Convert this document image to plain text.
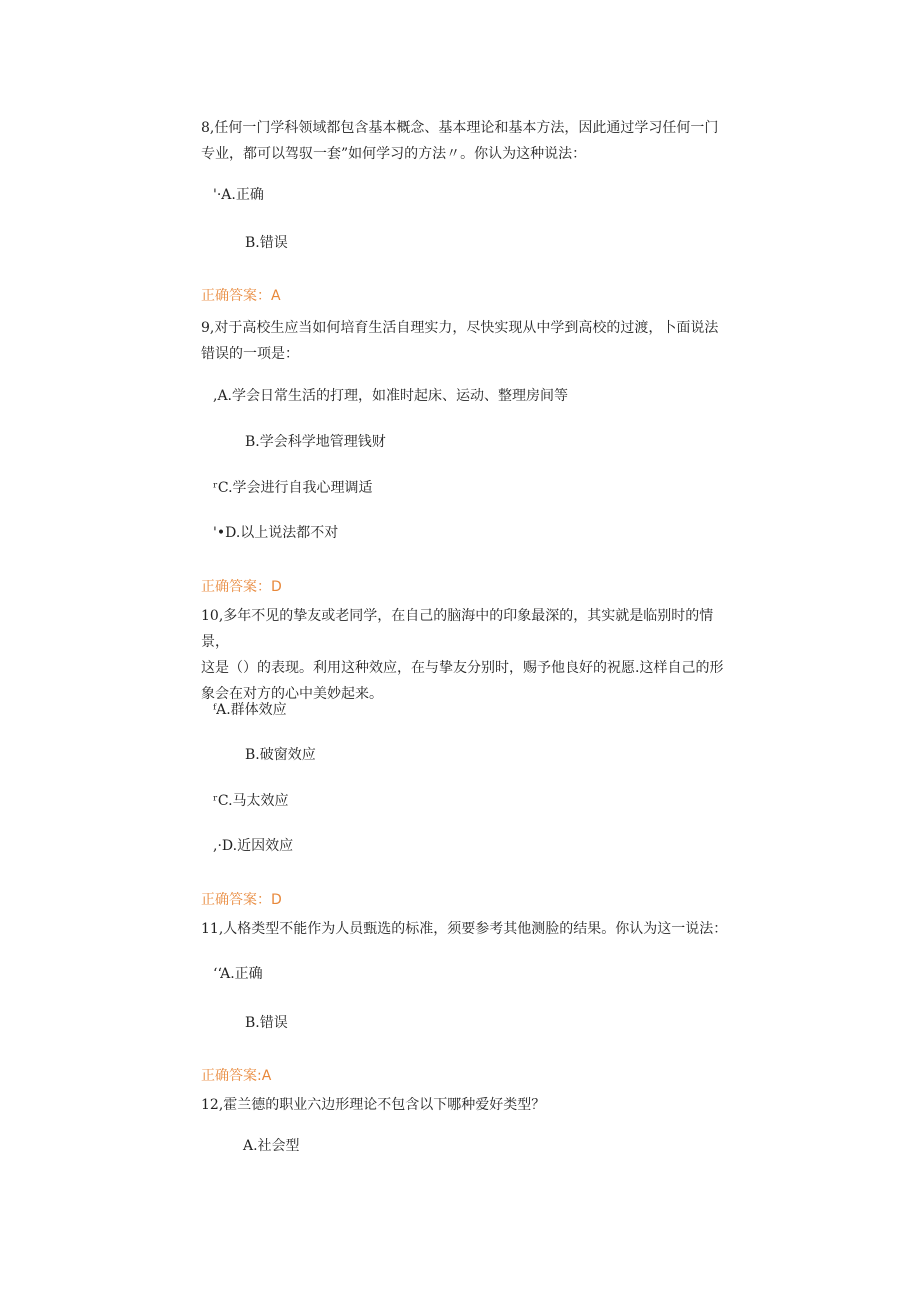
8,任何一门学科领域都包含基本概念、基本理论和基本方法，因此通过学习任何一门
专业，都可以驾驭一套”如何学习的方法〃。你认为这种说法：
'·A.正确
B.错误
正确答案：A
9,对于高校生应当如何培育生活自理实力，尽快实现从中学到高校的过渡，卜面说法
错误的一项是：
,A.学会日常生活的打理，如准时起床、运动、整理房间等
B.学会科学地管理钱财
ʳC.学会进行自我心理调适
'•D.以上说法都不对
正确答案：D
10,多年不见的挚友或老同学，在自己的脑海中的印象最深的，其实就是临别时的情景，
这是（）的表现。利用这种效应，在与挚友分别时，赐予他良好的祝愿.这样自己的形
象会在对方的心中美妙起来。
ᶠA.群体效应
B.破窗效应
ʳC.马太效应
,·D.近因效应
正确答案：D
11,人格类型不能作为人员甄选的标准，须要参考其他测脸的结果。你认为这一说法：
‘‘A.正确
B.错误
正确答案:A
12,霍兰德的职业六边形理论不包含以下哪种爱好类型？
A.社会型
